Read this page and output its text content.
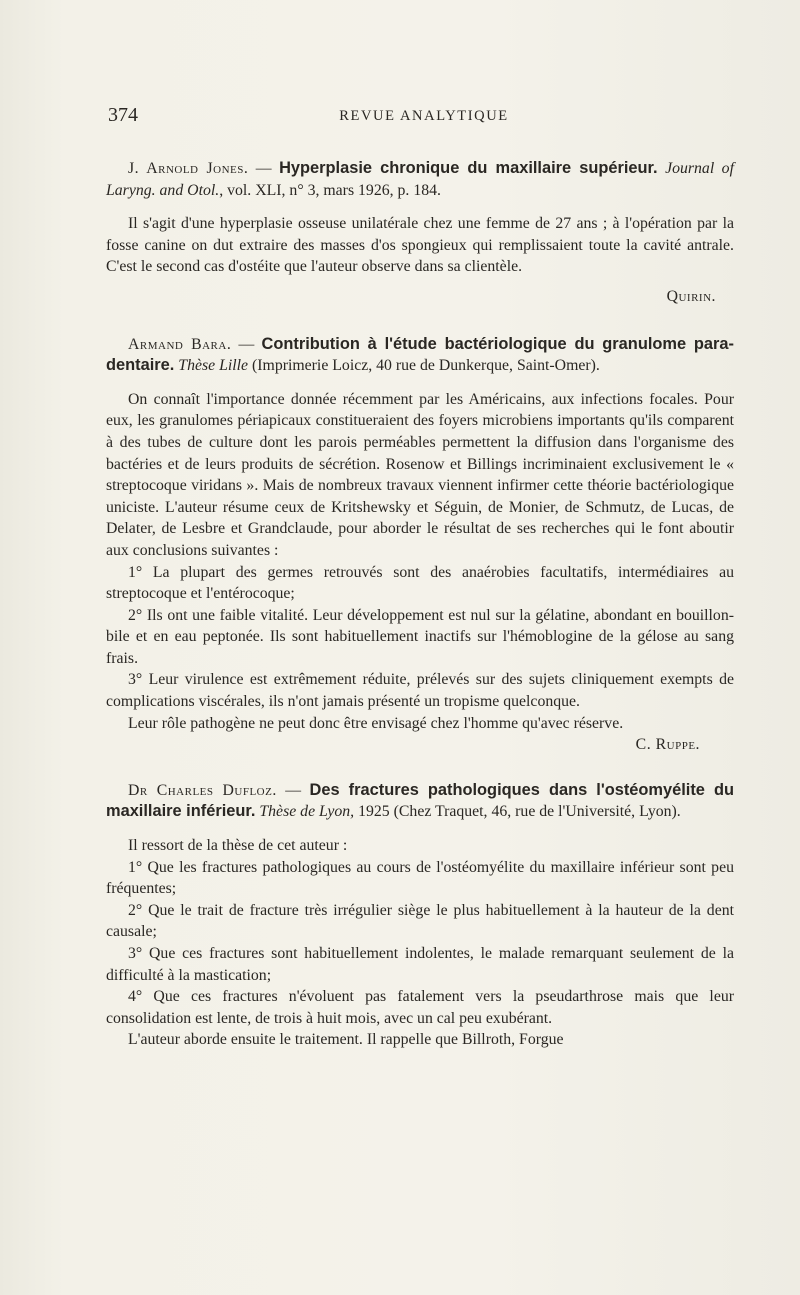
374	REVUE ANALYTIQUE

J. Arnold Jones. — Hyperplasie chronique du maxillaire supérieur. Journal of Laryng. and Otol., vol. XLI, n° 3, mars 1926, p. 184.

Il s'agit d'une hyperplasie osseuse unilatérale chez une femme de 27 ans ; à l'opération par la fosse canine on dut extraire des masses d'os spongieux qui remplissaient toute la cavité antrale. C'est le second cas d'ostéite que l'auteur observe dans sa clientèle.

Quirin.

Armand Bara. — Contribution à l'étude bactériologique du granulome para-dentaire. Thèse Lille (Imprimerie Loicz, 40 rue de Dunkerque, Saint-Omer).

On connaît l'importance donnée récemment par les Américains, aux infections focales. Pour eux, les granulomes périapicaux constitueraient des foyers microbiens importants qu'ils comparent à des tubes de culture dont les parois perméables permettent la diffusion dans l'organisme des bactéries et de leurs produits de sécrétion. Rosenow et Billings incriminaient exclusivement le « streptocoque viridans ». Mais de nombreux travaux viennent infirmer cette théorie bactériologique uniciste. L'auteur résume ceux de Kritshewsky et Séguin, de Monier, de Schmutz, de Lucas, de Delater, de Lesbre et Grandclaude, pour aborder le résultat de ses recherches qui le font aboutir aux conclusions suivantes :

1° La plupart des germes retrouvés sont des anaérobies facultatifs, intermédiaires au streptocoque et l'entérocoque;

2° Ils ont une faible vitalité. Leur développement est nul sur la gélatine, abondant en bouillon-bile et en eau peptonée. Ils sont habituellement inactifs sur l'hémoblogine de la gélose au sang frais.

3° Leur virulence est extrêmement réduite, prélevés sur des sujets cliniquement exempts de complications viscérales, ils n'ont jamais présenté un tropisme quelconque.

Leur rôle pathogène ne peut donc être envisagé chez l'homme qu'avec réserve.
C. Ruppe.

Dr Charles Dufloz. — Des fractures pathologiques dans l'ostéomyélite du maxillaire inférieur. Thèse de Lyon, 1925 (Chez Traquet, 46, rue de l'Université, Lyon).

Il ressort de la thèse de cet auteur :

1° Que les fractures pathologiques au cours de l'ostéomyélite du maxillaire inférieur sont peu fréquentes;

2° Que le trait de fracture très irrégulier siège le plus habituellement à la hauteur de la dent causale;

3° Que ces fractures sont habituellement indolentes, le malade remarquant seulement de la difficulté à la mastication;

4° Que ces fractures n'évoluent pas fatalement vers la pseudarthrose mais que leur consolidation est lente, de trois à huit mois, avec un cal peu exubérant.

L'auteur aborde ensuite le traitement. Il rappelle que Billroth, Forgue
